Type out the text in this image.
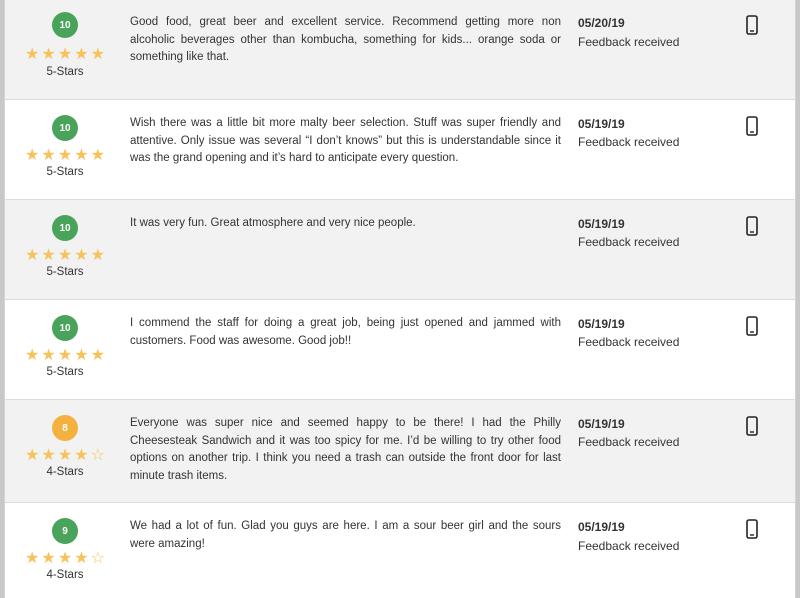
10
★ ★ ★ ★ ★
5-Stars
Good food, great beer and excellent service. Recommend getting more non alcoholic beverages other than kombucha, something for kids... orange soda or something like that.
05/20/19
Feedback received
10
★ ★ ★ ★ ★
5-Stars
Wish there was a little bit more malty beer selection. Stuff was super friendly and attentive. Only issue was several “I don’t knows” but this is understandable since it was the grand opening and it’s hard to anticipate every question.
05/19/19
Feedback received
10
★ ★ ★ ★ ★
5-Stars
It was very fun. Great atmosphere and very nice people.	05/19/19
Feedback received
10
★ ★ ★ ★ ★
5-Stars
I commend the staff for doing a great job, being just opened and jammed with customers. Food was awesome. Good job!!
05/19/19
Feedback received
8
★ ★ ★ ★ ☆
4-Stars
Everyone was super nice and seemed happy to be there! I had the Philly Cheesesteak Sandwich and it was too spicy for me. I’d be willing to try other food options on another trip. I think you need a trash can outside the front door for last minute trash items.
05/19/19
Feedback received
9
★ ★ ★ ★ ☆
4-Stars
We had a lot of fun. Glad you guys are here. I am a sour beer girl and the sours were amazing!
05/19/19
Feedback received
